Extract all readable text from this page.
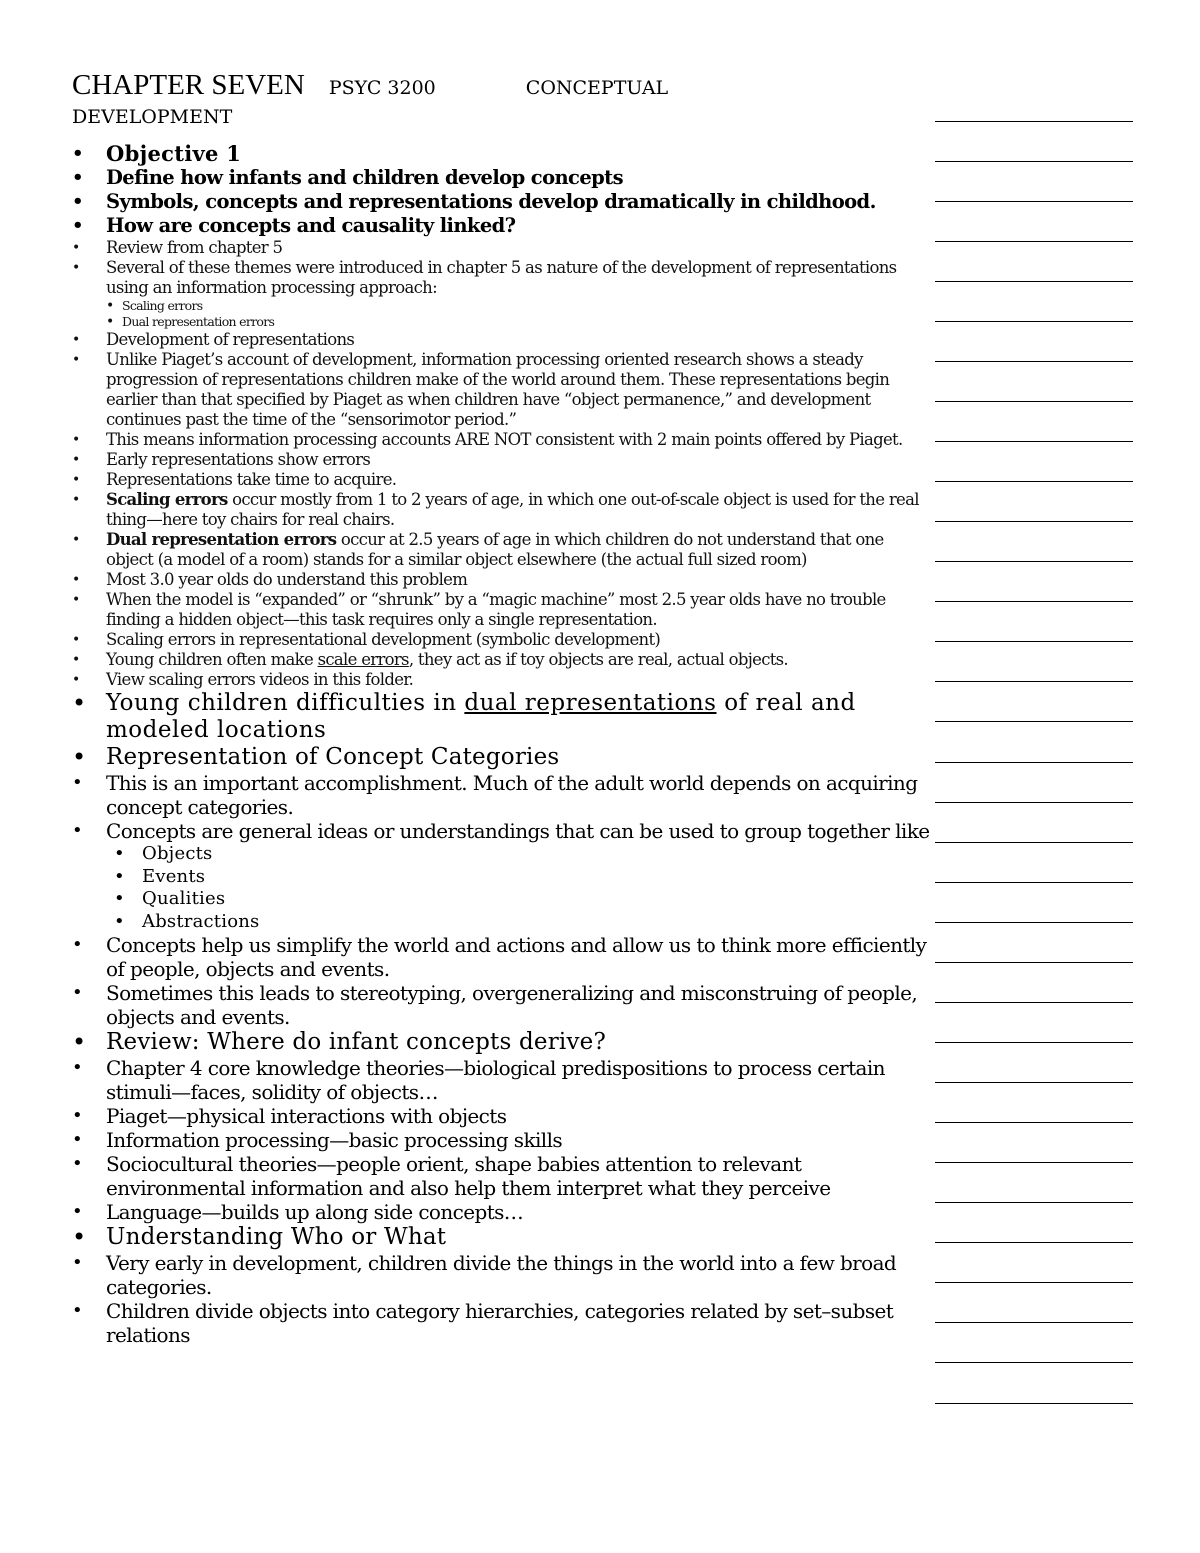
CHAPTER SEVEN PSYC 3200	CONCEPTUAL
DEVELOPMENT
• Objective 1
• Define how infants and children develop concepts
• Symbols, concepts and representations develop dramatically in childhood.
• How are concepts and causality linked?
• Review from chapter 5
• Several of these themes were introduced in chapter 5 as nature of the development of representations using an information processing approach:
• Scaling errors
• Dual representation errors
• Development of representations
• Unlike Piaget’s account of development, information processing oriented research shows a steady progression of representations children make of the world around them. These representations begin earlier than that specified by Piaget as when children have “object permanence,” and development continues past the time of the “sensorimotor period.”
• This means information processing accounts ARE NOT consistent with 2 main points offered by Piaget.
• Early representations show errors
• Representations take time to acquire.
• Scaling errors occur mostly from 1 to 2 years of age, in which one out-of-scale object is used for the real thing—here toy chairs for real chairs.
• Dual representation errors occur at 2.5 years of age in which children do not understand that one object (a model of a room) stands for a similar object elsewhere (the actual full sized room)
• Most 3.0 year olds do understand this problem
• When the model is “expanded” or “shrunk” by a “magic machine” most 2.5 year olds have no trouble finding a hidden object—this task requires only a single representation.
• Scaling errors in representational development (symbolic development)
• Young children often make scale errors, they act as if toy objects are real, actual objects.
• View scaling errors videos in this folder.
• Young children difficulties in dual representations of real and modeled locations
• Representation of Concept Categories
• This is an important accomplishment. Much of the adult world depends on acquiring concept categories.
• Concepts are general ideas or understandings that can be used to group together like
• Objects
• Events
• Qualities
• Abstractions
• Concepts help us simplify the world and actions and allow us to think more efficiently of people, objects and events.
• Sometimes this leads to stereotyping, overgeneralizing and misconstruing of people, objects and events.
• Review: Where do infant concepts derive?
• Chapter 4 core knowledge theories—biological predispositions to process certain stimuli—faces, solidity of objects…
• Piaget—physical interactions with objects
• Information processing—basic processing skills
• Sociocultural theories—people orient, shape babies attention to relevant environmental information and also help them interpret what they perceive
• Language—builds up along side concepts…
• Understanding Who or What
• Very early in development, children divide the things in the world into a few broad categories.
• Children divide objects into category hierarchies, categories related by set–subset relations
